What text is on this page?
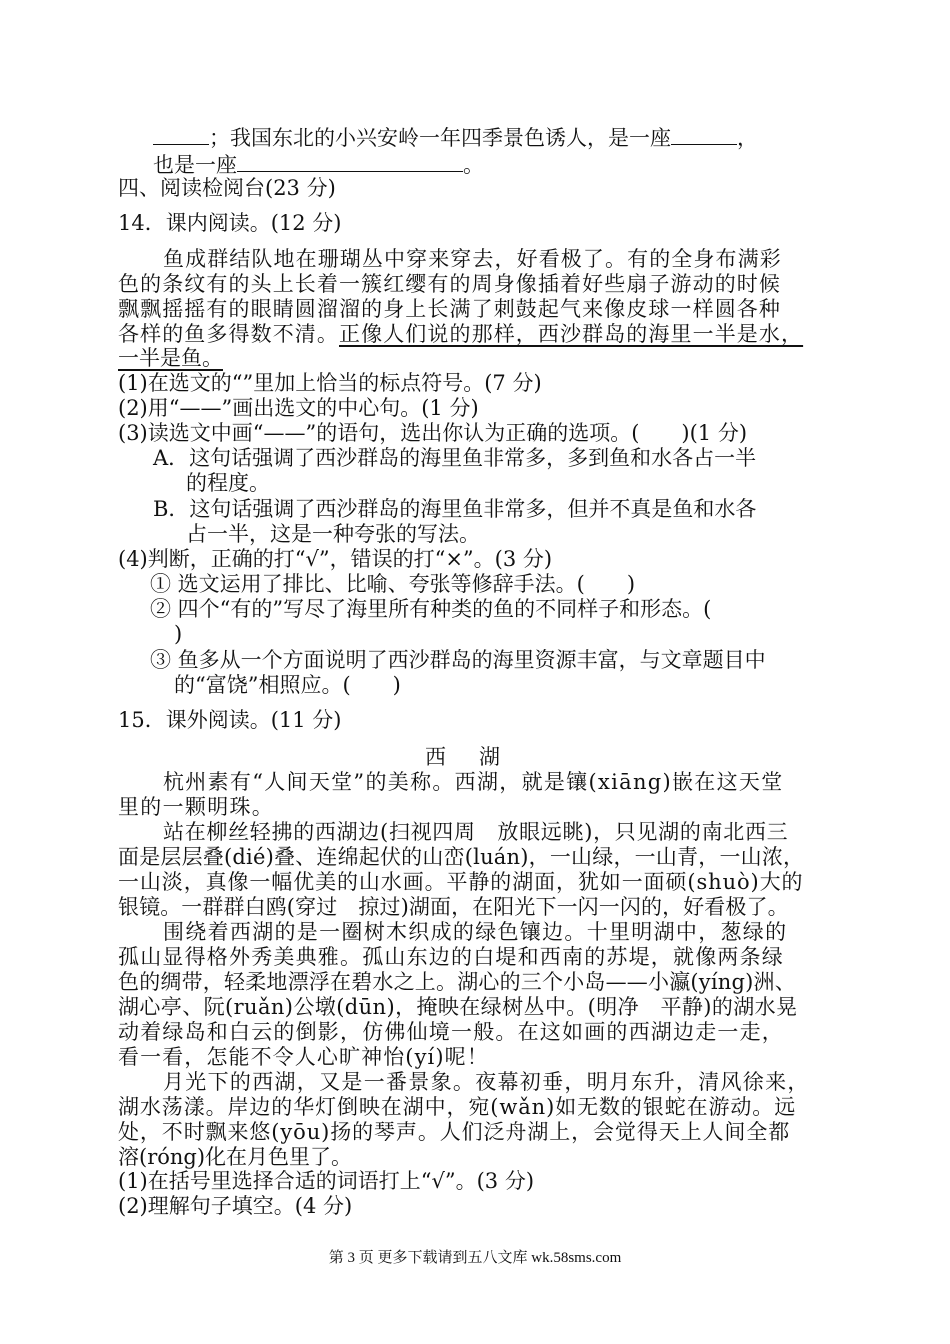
；我国东北的小兴安岭一年四季景色诱人，是一座	，
也是一座	。
四、阅读检阅台(23 分)
14．课内阅读。(12 分)
鱼成群结队地在珊瑚丛中穿来穿去，好看极了。有的全身布满彩
色的条纹有的头上长着一簇红缨有的周身像插着好些扇子游动的时候
飘飘摇摇有的眼睛圆溜溜的身上长满了刺鼓起气来像皮球一样圆各种
各样的鱼多得数不清。正像人们说的那样，西沙群岛的海里一半是水，
一半是鱼。
(1)在选文的“”里加上恰当的标点符号。(7 分)
(2)用“——”画出选文的中心句。(1 分)
(3)读选文中画“——”的语句，选出你认为正确的选项。(　　)(1 分)
A．这句话强调了西沙群岛的海里鱼非常多，多到鱼和水各占一半
的程度。
B．这句话强调了西沙群岛的海里鱼非常多，但并不真是鱼和水各
占一半，这是一种夸张的写法。
(4)判断，正确的打“√”，错误的打“×”。(3 分)
① 选文运用了排比、比喻、夸张等修辞手法。(　　)
② 四个“有的”写尽了海里所有种类的鱼的不同样子和形态。(
)
③ 鱼多从一个方面说明了西沙群岛的海里资源丰富，与文章题目中
的“富饶”相照应。(　　)
15．课外阅读。(11 分)
西　湖
杭州素有“人间天堂”的美称。西湖，就是镶(xiāng)嵌在这天堂
里的一颗明珠。
站在柳丝轻拂的西湖边(扫视四周　放眼远眺)，只见湖的南北西三
面是层层叠(dié)叠、连绵起伏的山峦(luán)，一山绿，一山青，一山浓，
一山淡，真像一幅优美的山水画。平静的湖面，犹如一面硕(shuò)大的
银镜。一群群白鸥(穿过　掠过)湖面，在阳光下一闪一闪的，好看极了。
围绕着西湖的是一圈树木织成的绿色镶边。十里明湖中，葱绿的
孤山显得格外秀美典雅。孤山东边的白堤和西南的苏堤，就像两条绿
色的绸带，轻柔地漂浮在碧水之上。湖心的三个小岛——小瀛(yíng)洲、
湖心亭、阮(ruǎn)公墩(dūn)，掩映在绿树丛中。(明净　平静)的湖水晃
动着绿岛和白云的倒影，仿佛仙境一般。在这如画的西湖边走一走，
看一看，怎能不令人心旷神怡(yí)呢！
月光下的西湖，又是一番景象。夜幕初垂，明月东升，清风徐来，
湖水荡漾。岸边的华灯倒映在湖中，宛(wǎn)如无数的银蛇在游动。远
处，不时飘来悠(yōu)扬的琴声。人们泛舟湖上，会觉得天上人间全都
溶(róng)化在月色里了。
(1)在括号里选择合适的词语打上“√”。(3 分)
(2)理解句子填空。(4 分)
第 3 页 更多下载请到五八文库 wk.58sms.com
